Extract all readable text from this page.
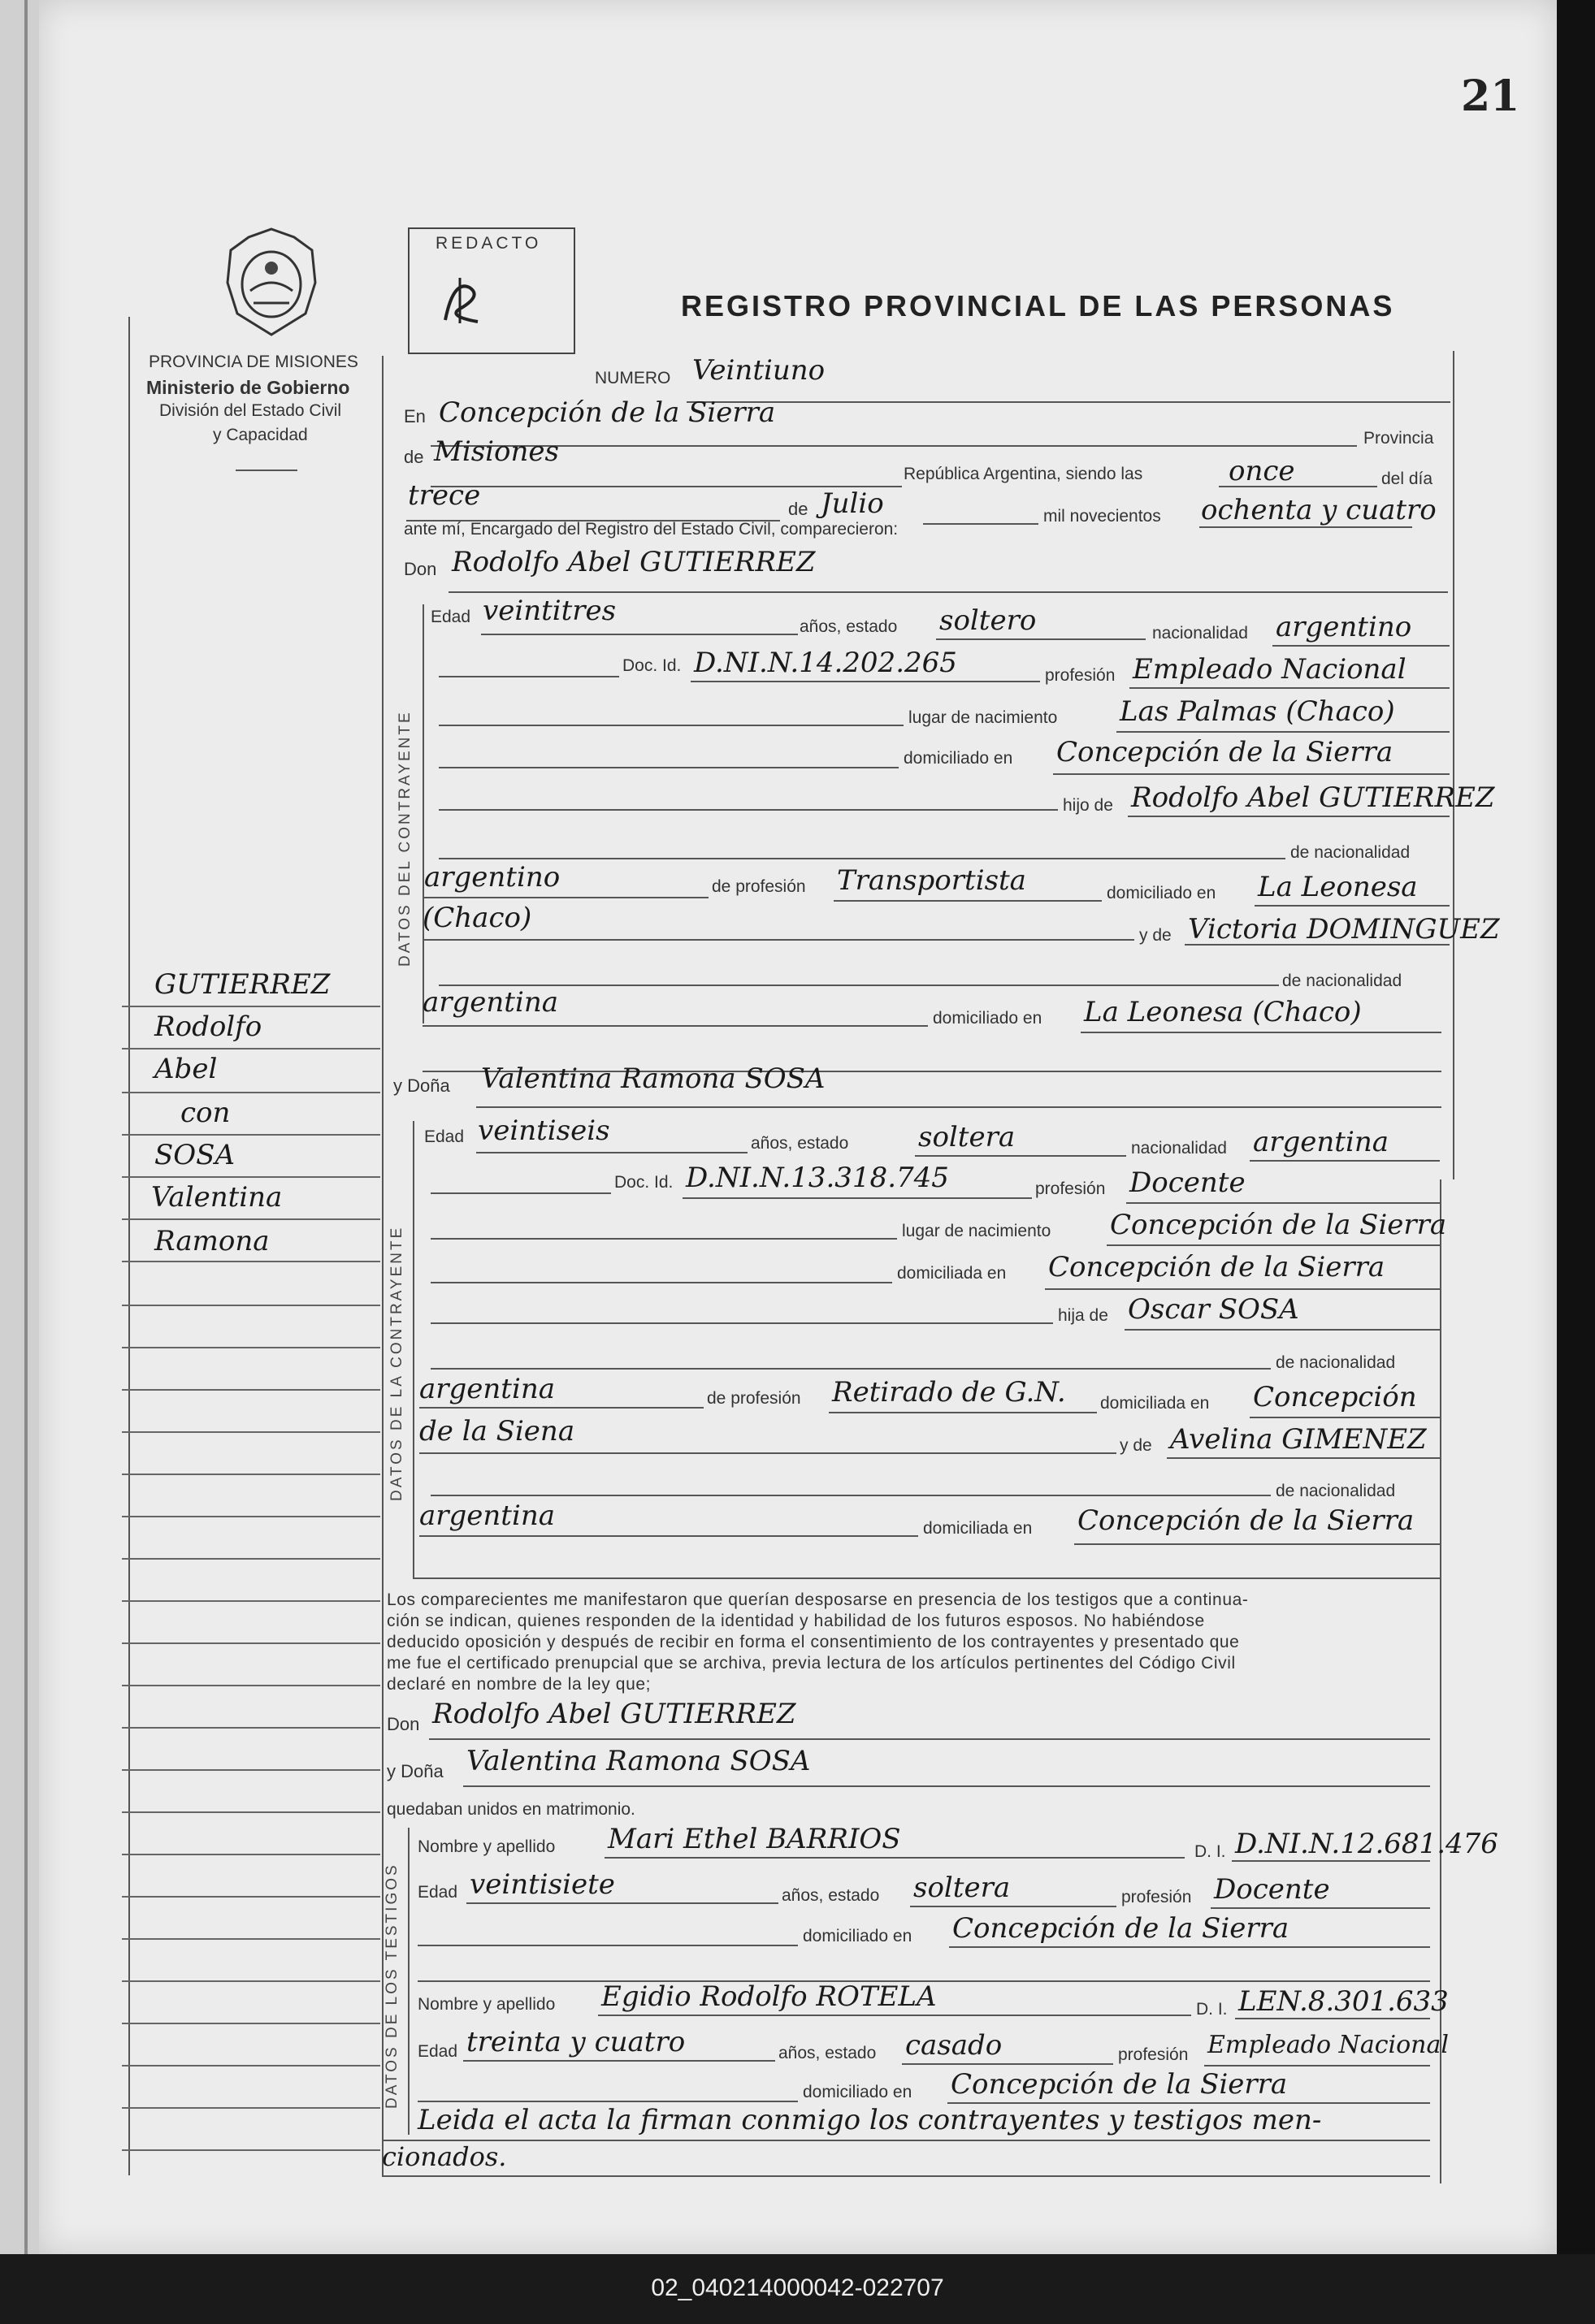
02_040214000042-022707
21
PROVINCIA DE MISIONES
Ministerio de Gobierno
División del Estado Civil
y Capacidad
REDACTO
REGISTRO PROVINCIAL DE LAS PERSONAS
NUMERO Veintiuno
En Concepción de la Sierra
Provincia
de Misiones
República Argentina, siendo las	once	del día
trece	de Julio	mil novecientos ochenta y cuatro
ante mí, Encargado del Registro del Estado Civil, comparecieron:
Don Rodolfo Abel GUTIERREZ
DATOS DEL CONTRAYENTE
Edad veintitres	años, estado soltero	nacionalidad argentino
Doc. Id. D.NI.N.14.202.265	profesión Empleado Nacional
lugar de nacimiento Las Palmas (Chaco)
domiciliado en Concepción de la Sierra
hijo de Rodolfo Abel GUTIERREZ
de nacionalidad
argentino	de profesión Transportista	domiciliado en La Leonesa
(Chaco)
y de Victoria DOMINGUEZ
de nacionalidad
argentina	domiciliado en La Leonesa (Chaco)
GUTIERREZ
Rodolfo
Abel
con
SOSA
Valentina
Ramona
y Doña Valentina Ramona SOSA
DATOS DE LA CONTRAYENTE
Edad veintiseis	años, estado	soltera	nacionalidad argentina
Doc. Id. D.NI.N.13.318.745	profesión Docente
lugar de nacimiento Concepción de la Sierra
domiciliada en Concepción de la Sierra
hija de Oscar SOSA
de nacionalidad
argentina	de profesión Retirado de G.N. domiciliada en Concepción
de la Siena	y de Avelina GIMENEZ
de nacionalidad
argentina	domiciliada en Concepción de la Sierra
Los comparecientes me manifestaron que querían desposarse en presencia de los testigos que a continua-
ción se indican, quienes responden de la identidad y habilidad de los futuros esposos. No habiéndose
deducido oposición y después de recibir en forma el consentimiento de los contrayentes y presentado que
me fue el certificado prenupcial que se archiva, previa lectura de los artículos pertinentes del Código Civil
declaré en nombre de la ley que;
Don Rodolfo Abel GUTIERREZ
y Doña Valentina Ramona SOSA
quedaban unidos en matrimonio.
DATOS DE LOS TESTIGOS
Nombre y apellido Mari Ethel BARRIOS	D. I. D.NI.N.12.681.476
Edad veintisiete	años, estado soltera	profesión Docente
domiciliado en Concepción de la Sierra
Nombre y apellido Egidio Rodolfo ROTELA	D. I. LEN.8.301.633
Edad treinta y cuatro	años, estado casado	profesión Empleado Nacional
domiciliado en Concepción de la Sierra
Leida el acta la firman conmigo los contrayentes y testigos men-
cionados.
